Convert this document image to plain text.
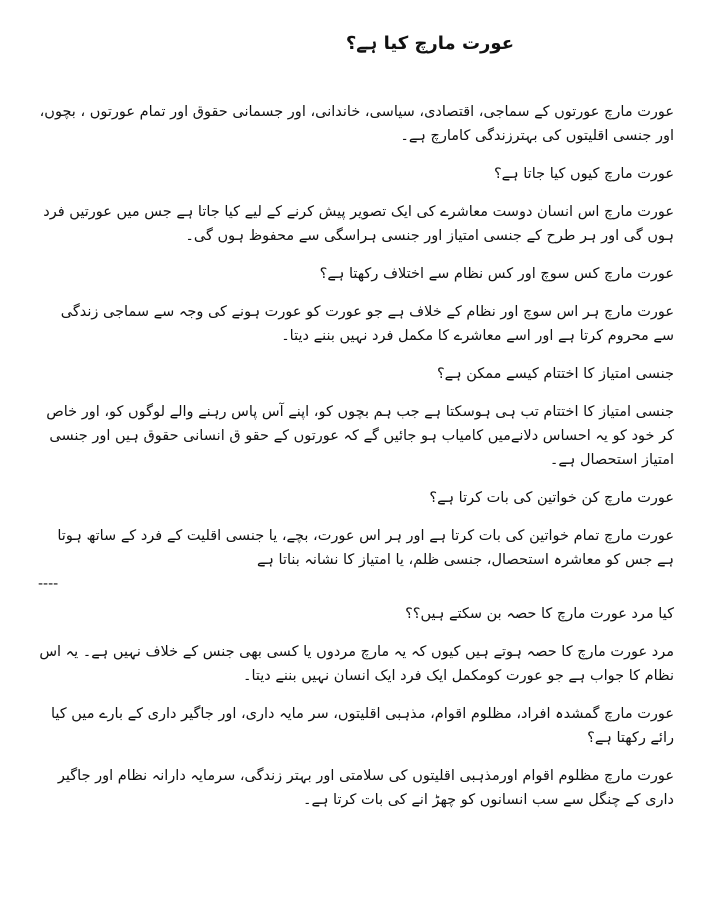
عورت مارچ کیا ہے؟

عورت مارچ عورتوں کے سماجی، اقتصادی، سیاسی، خاندانی، اور جسمانی حقوق اور تمام عورتوں ، بچوں، اور جنسی اقلیتوں کی بہترزندگی کامارچ ہے۔

عورت مارچ کیوں کیا جاتا ہے؟

عورت مارچ اس انسان دوست معاشرے کی ایک تصویر پیش کرنے کے لیے کیا جاتا ہے جس میں عورتیں فرد ہوں گی اور ہر طرح کے جنسی امتیاز اور جنسی ہراسگی سے محفوظ ہوں گی۔

عورت مارچ کس سوچ اور کس نظام سے اختلاف رکھتا ہے؟

عورت مارچ ہر اس سوچ اور نظام کے خلاف ہے جو عورت کو عورت ہونے کی وجہ سے سماجی زندگی سے محروم کرتا ہے اور اسے معاشرے کا مکمل فرد نہیں بننے دیتا۔

جنسی امتیاز کا اختتام کیسے ممکن ہے؟

جنسی امتیاز کا اختتام تب ہی ہوسکتا ہے جب ہم بچوں کو، اپنے آس پاس رہنے والے لوگوں کو، اور خاص کر خود کو یہ احساس دلانےمیں کامیاب ہو جائیں گے کہ عورتوں کے حقو ق انسانی حقوق ہیں اور جنسی امتیاز استحصال ہے۔

عورت مارچ کن خواتین کی بات کرتا ہے؟

عورت مارچ تمام خواتین کی بات کرتا ہے اور ہر اس عورت، بچے، یا جنسی اقلیت کے فرد کے ساتھ ہوتا ہے جس کو معاشرہ استحصال، جنسی ظلم، یا امتیاز کا نشانہ بناتا ہے

----

کیا مرد عورت مارچ کا حصہ بن سکتے ہیں؟؟

مرد عورت مارچ کا حصہ ہوتے ہیں کیوں کہ یہ مارچ مردوں یا کسی بھی جنس کے خلاف نہیں ہے۔ یہ اس نظام کا جواب ہے جو عورت کومکمل ایک فرد ایک انسان نہیں بننے دیتا۔

عورت مارچ گمشدہ افراد، مظلوم اقوام، مذہبی اقلیتوں، سر مایہ داری، اور جاگیر داری کے بارے میں کیا رائے رکھتا ہے؟

عورت مارچ مظلوم اقوام اورمذہبی اقلیتوں کی سلامتی اور بہتر زندگی، سرمایہ دارانہ نظام اور جاگیر داری کے چنگل سے سب انسانوں کو چھڑ انے کی بات کرتا ہے۔
